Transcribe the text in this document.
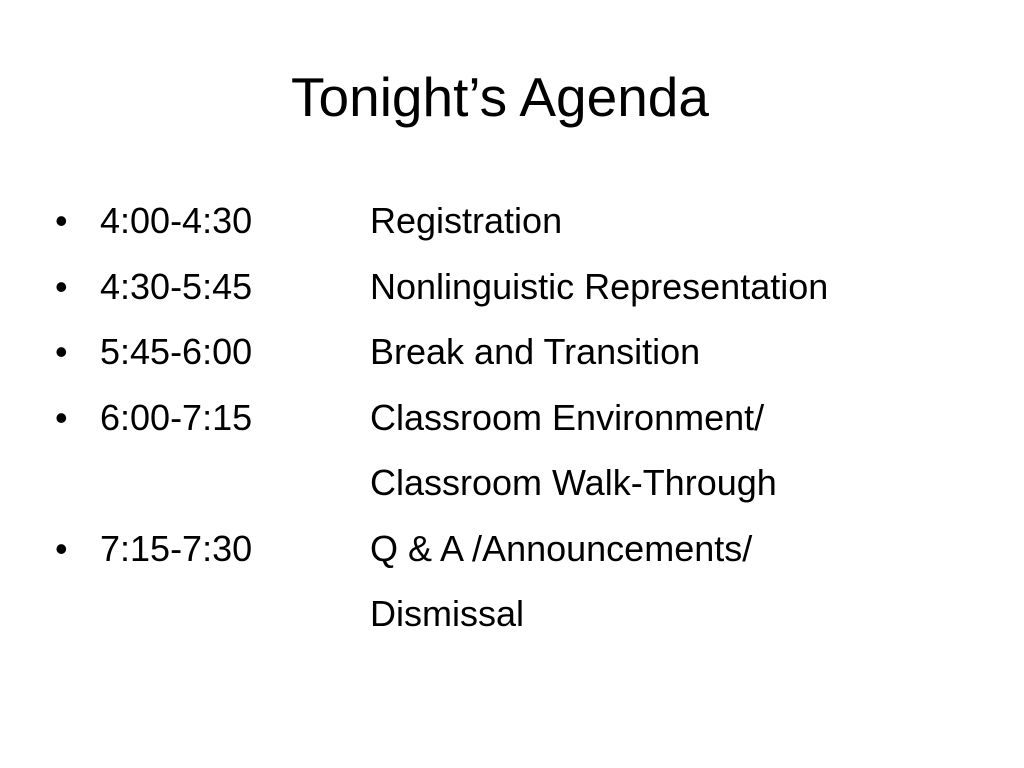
Tonight’s Agenda
• 4:00-4:30	Registration
• 4:30-5:45	Nonlinguistic Representation
• 5:45-6:00	Break and Transition
• 6:00-7:15	Classroom Environment/
Classroom Walk-Through
• 7:15-7:30	Q & A /Announcements/
Dismissal
